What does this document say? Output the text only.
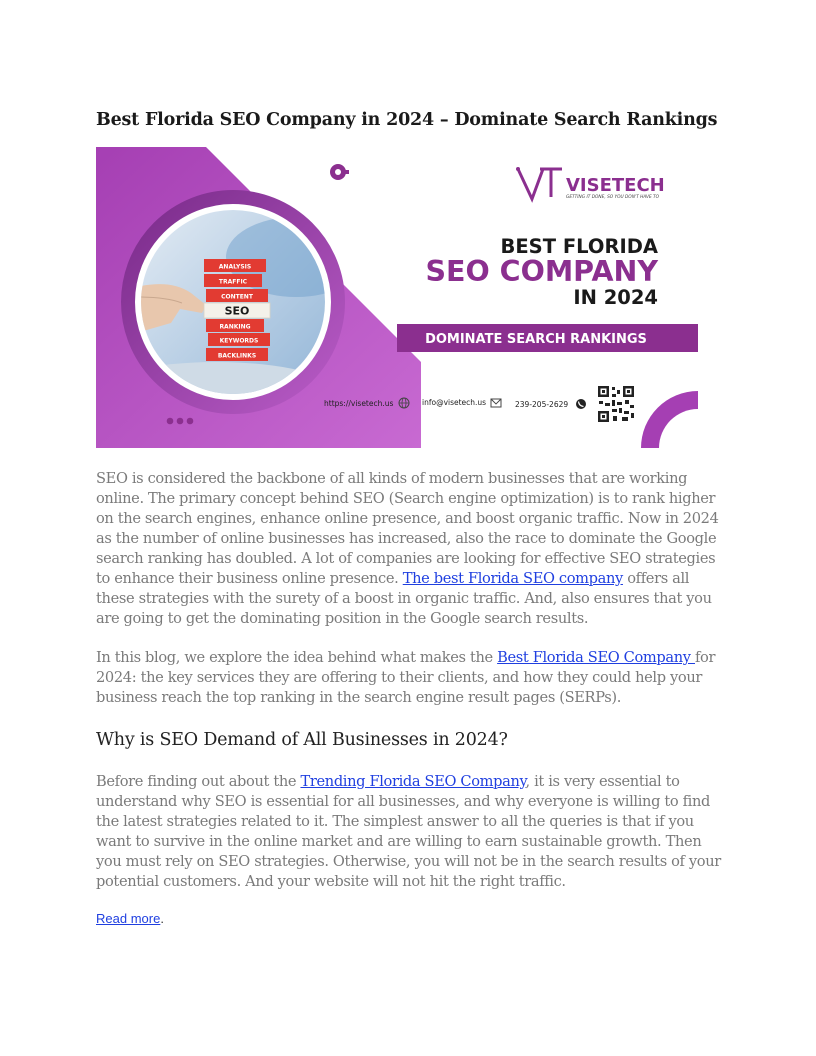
Best Florida SEO Company in 2024 – Dominate Search Rankings
ANALYSIS
TRAFFIC
CONTENT
SEO
RANKING
KEYWORDS
BACKLINKS
VISETECH
GETTING IT DONE, SO YOU DON'T HAVE TO
BEST FLORIDA
SEO COMPANY
IN 2024
DOMINATE SEARCH RANKINGS
https://visetech.us	info@visetech.us	239-205-2629

SEO is considered the backbone of all kinds of modern businesses that are working online. The primary concept behind SEO (Search engine optimization) is to rank higher on the search engines, enhance online presence, and boost organic traffic. Now in 2024 as the number of online businesses has increased, also the race to dominate the Google search ranking has doubled. A lot of companies are looking for effective SEO strategies to enhance their business online presence. The best Florida SEO company offers all these strategies with the surety of a boost in organic traffic. And, also ensures that you are going to get the dominating position in the Google search results.

In this blog, we explore the idea behind what makes the Best Florida SEO Company for 2024: the key services they are offering to their clients, and how they could help your business reach the top ranking in the search engine result pages (SERPs).

Why is SEO Demand of All Businesses in 2024?

Before finding out about the Trending Florida SEO Company, it is very essential to understand why SEO is essential for all businesses, and why everyone is willing to find the latest strategies related to it. The simplest answer to all the queries is that if you want to survive in the online market and are willing to earn sustainable growth. Then you must rely on SEO strategies. Otherwise, you will not be in the search results of your potential customers. And your website will not hit the right traffic.

Read more.
